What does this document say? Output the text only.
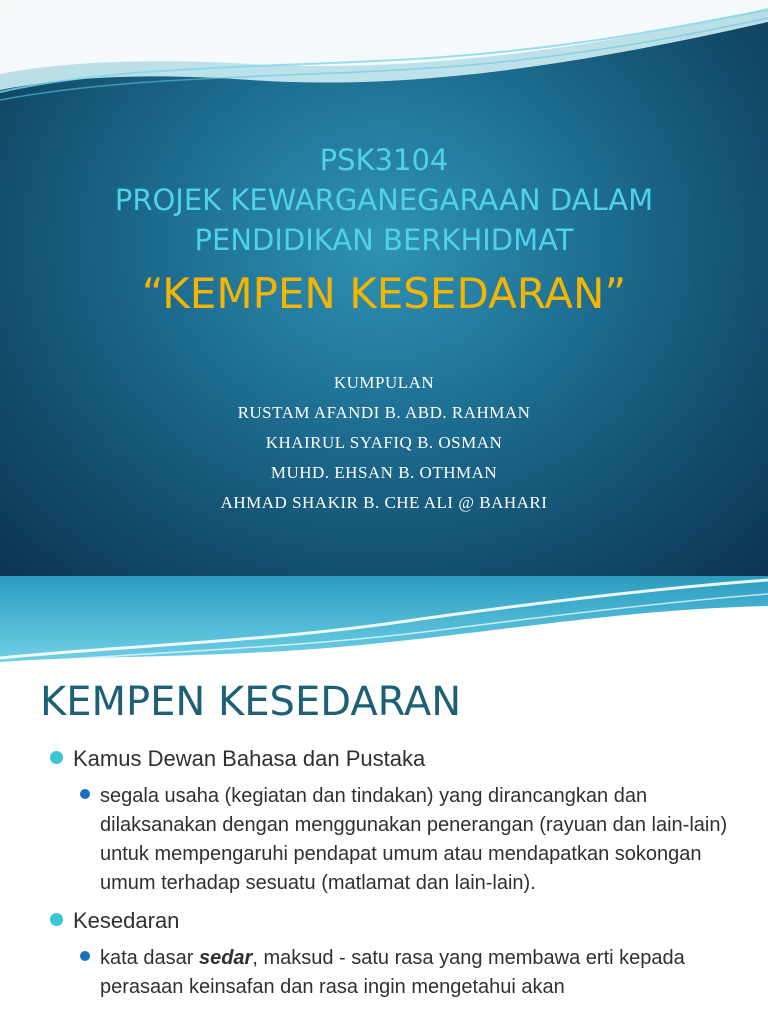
PSK3104
PROJEK KEWARGANEGARAAN DALAM
PENDIDIKAN BERKHIDMAT
“KEMPEN KESEDARAN”
KUMPULAN
RUSTAM AFANDI B. ABD. RAHMAN
KHAIRUL SYAFIQ B. OSMAN
MUHD. EHSAN B. OTHMAN
AHMAD SHAKIR B. CHE ALI @ BAHARI
KEMPEN KESEDARAN
Kamus Dewan Bahasa dan Pustaka
segala usaha (kegiatan dan tindakan) yang dirancangkan dan dilaksanakan dengan menggunakan penerangan (rayuan dan lain-lain) untuk mempengaruhi pendapat umum atau mendapatkan sokongan umum terhadap sesuatu (matlamat dan lain-lain).
Kesedaran
kata dasar sedar, maksud - satu rasa yang membawa erti kepada perasaan keinsafan dan rasa ingin mengetahui akan
